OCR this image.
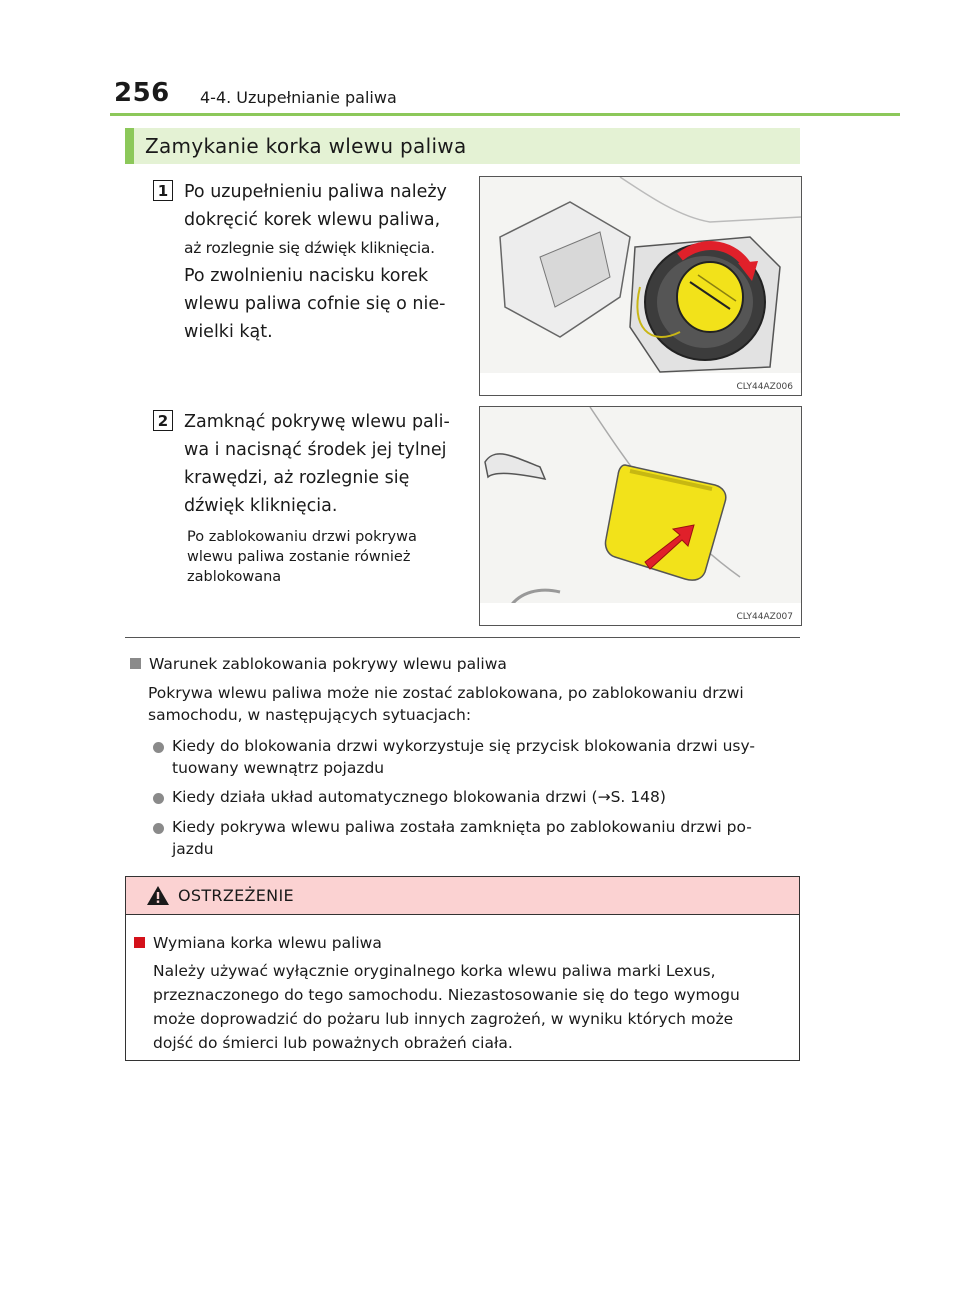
256 4-4. Uzupełnianie paliwa
Zamykanie korka wlewu paliwa
1 Po uzupełnieniu paliwa należy
dokręcić korek wlewu paliwa,
aż rozlegnie się dźwięk kliknięcia.
Po zwolnieniu nacisku korek
wlewu paliwa cofnie się o nie-
wielki kąt.
CLY44AZ006
2 Zamknąć pokrywę wlewu pali-
wa i nacisnąć środek jej tylnej
krawędzi, aż rozlegnie się
dźwięk kliknięcia.
Po zablokowaniu drzwi pokrywa
wlewu paliwa zostanie również
zablokowana
CLY44AZ007
Warunek zablokowania pokrywy wlewu paliwa
Pokrywa wlewu paliwa może nie zostać zablokowana, po zablokowaniu drzwi
samochodu, w następujących sytuacjach:
Kiedy do blokowania drzwi wykorzystuje się przycisk blokowania drzwi usy-
tuowany wewnątrz pojazdu
Kiedy działa układ automatycznego blokowania drzwi (→S. 148)
Kiedy pokrywa wlewu paliwa została zamknięta po zablokowaniu drzwi po-
jazdu
OSTRZEŻENIE
Wymiana korka wlewu paliwa
Należy używać wyłącznie oryginalnego korka wlewu paliwa marki Lexus,
przeznaczonego do tego samochodu. Niezastosowanie się do tego wymogu
może doprowadzić do pożaru lub innych zagrożeń, w wyniku których może
dojść do śmierci lub poważnych obrażeń ciała.
